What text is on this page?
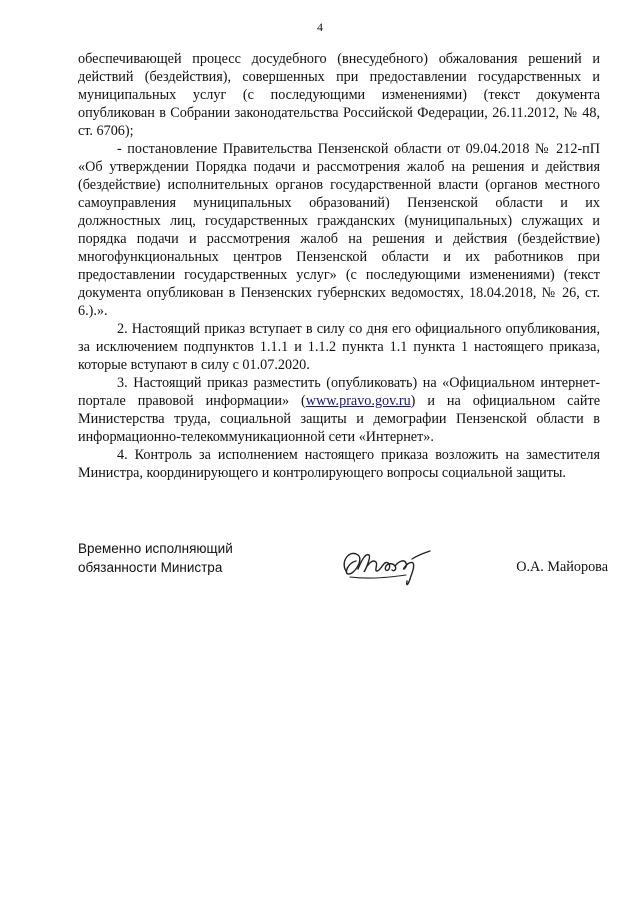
4

обеспечивающей процесс досудебного (внесудебного) обжалования решений и действий (бездействия), совершенных при предоставлении государственных и муниципальных услуг (с последующими изменениями) (текст документа опубликован в Собрании законодательства Российской Федерации, 26.11.2012, № 48, ст. 6706);

- постановление Правительства Пензенской области от 09.04.2018 № 212-пП «Об утверждении Порядка подачи и рассмотрения жалоб на решения и действия (бездействие) исполнительных органов государственной власти (органов местного самоуправления муниципальных образований) Пензенской области и их должностных лиц, государственных гражданских (муниципальных) служащих и порядка подачи и рассмотрения жалоб на решения и действия (бездействие) многофункциональных центров Пензенской области и их работников при предоставлении государственных услуг» (с последующими изменениями) (текст документа опубликован в Пензенских губернских ведомостях, 18.04.2018, № 26, ст. 6.).».

2. Настоящий приказ вступает в силу со дня его официального опубликования, за исключением подпунктов 1.1.1 и 1.1.2 пункта 1.1 пункта 1 настоящего приказа, которые вступают в силу с 01.07.2020.

3. Настоящий приказ разместить (опубликовать) на «Официальном интернет-портале правовой информации» (www.pravo.gov.ru) и на официальном сайте Министерства труда, социальной защиты и демографии Пензенской области в информационно-телекоммуникационной сети «Интернет».

4. Контроль за исполнением настоящего приказа возложить на заместителя Министра, координирующего и контролирующего вопросы социальной защиты.

Временно исполняющий
обязанности Министра	О.А. Майорова
